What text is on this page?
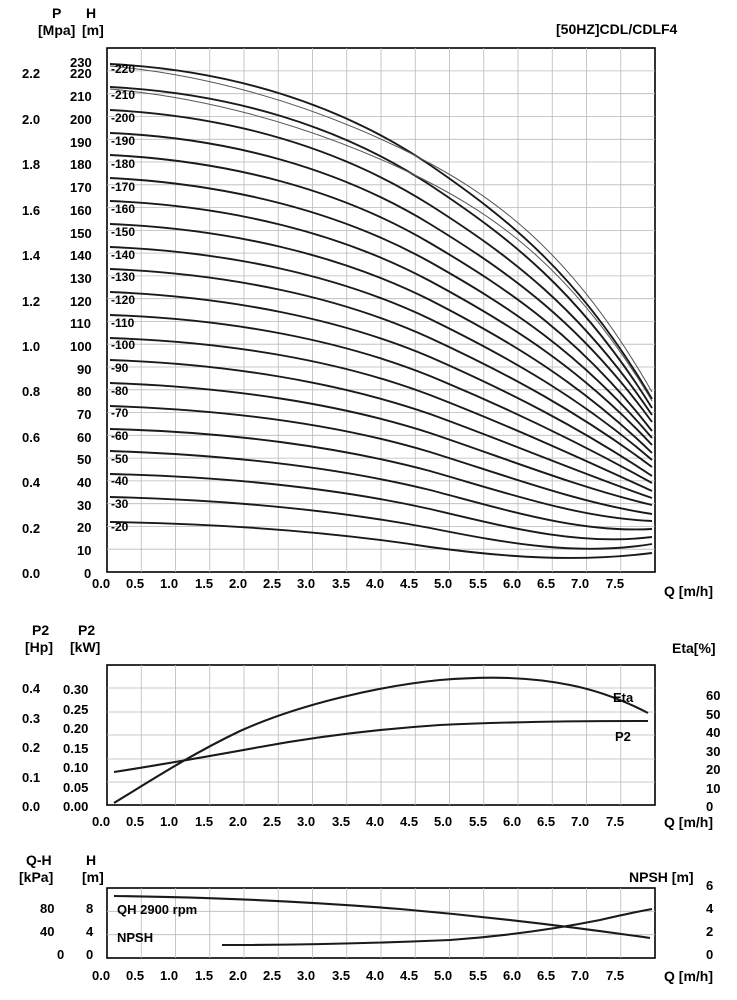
[50HZ]CDL/CDLF4
P H
[Mpa] [m]
Q [m/h]
0.0 0.5 1.0 1.5 2.0 2.5 3.0 3.5 4.0 4.5 5.0 5.5 6.0 6.5 7.0 7.5
0.0
0.2
0.4
0.6
0.8
1.0
1.2
1.4
1.6
1.8
2.0
2.2
0
10
20
30
40
50
60
70
80
90
100
110
120
130
140
150
160
170
180
190
200
210
220
230 -220
-210
-200
-190
-180
-170
-160
-150
-140
-130
-120
-110
-100
-90
-80
-70
-60
-50
-40
-30
-20
P2 P2
[Hp] [kW]	Eta[%]
Q [m/h]
Eta
P2
0.0 0.5 1.0 1.5 2.0 2.5 3.0 3.5 4.0 4.5 5.0 5.5 6.0 6.5 7.0 7.5
0.0
0.1
0.2
0.3
0.4
0.00
0.05
0.10
0.15
0.20
0.25
0.30
0
10
20
30
40
50
60
Q-H H
[kPa] [m]	NPSH [m]
Q [m/h]
QH 2900 rpm
NPSH
0.0 0.5 1.0 1.5 2.0 2.5 3.0 3.5 4.0 4.5 5.0 5.5 6.0 6.5 7.0 7.5
0
40
80
0
4
8
0
2
4
6
